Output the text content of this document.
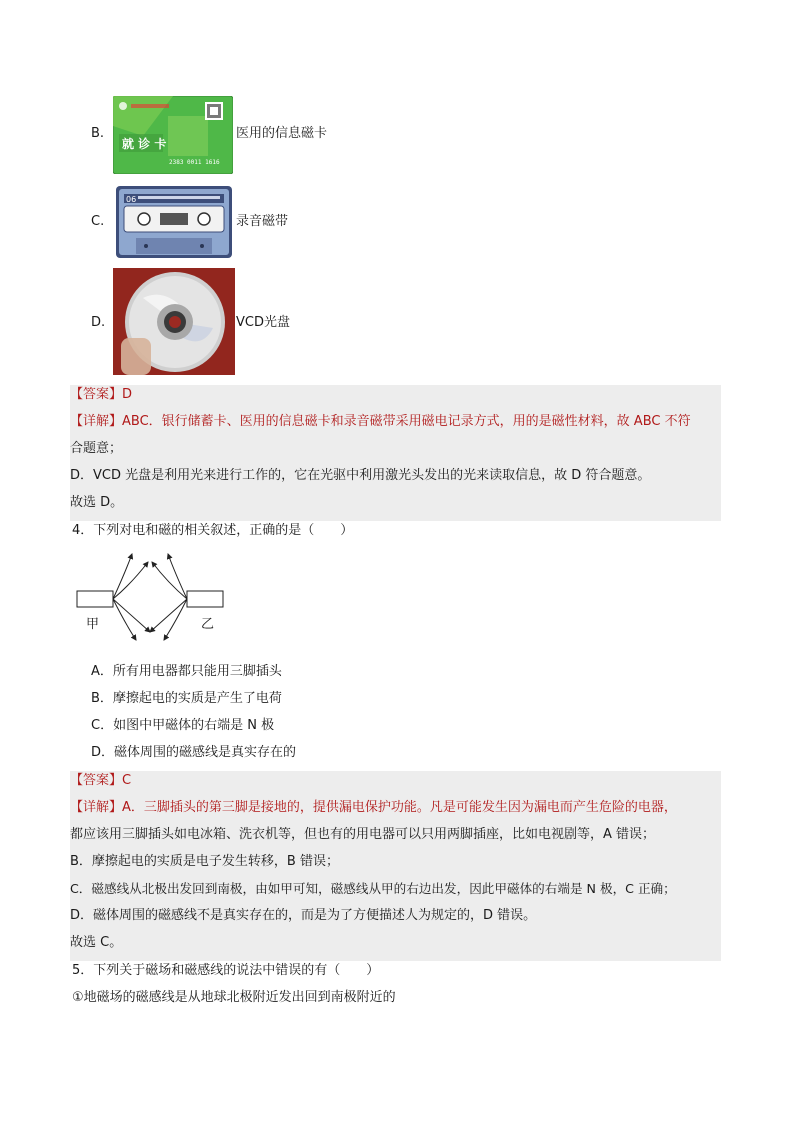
B.
就 诊 卡
2383 0011 1616
医用的信息磁卡
C.
06
录音磁带
D.	VCD光盘
【答案】D
【详解】ABC．银行储蓄卡、医用的信息磁卡和录音磁带采用磁电记录方式，用的是磁性材料，故 ABC 不符
合题意；
D．VCD 光盘是利用光来进行工作的，它在光驱中利用激光头发出的光来读取信息，故 D 符合题意。
故选 D。
4．下列对电和磁的相关叙述，正确的是（　　）
甲	乙
A．所有用电器都只能用三脚插头
B．摩擦起电的实质是产生了电荷
C．如图中甲磁体的右端是 N 极
D．磁体周围的磁感线是真实存在的
【答案】C
【详解】A．三脚插头的第三脚是接地的，提供漏电保护功能。凡是可能发生因为漏电而产生危险的电器，
都应该用三脚插头如电冰箱、洗衣机等，但也有的用电器可以只用两脚插座，比如电视剧等，A 错误；
B．摩擦起电的实质是电子发生转移，B 错误；
C．磁感线从北极出发回到南极，由如甲可知，磁感线从甲的右边出发，因此甲磁体的右端是 N 极，C 正确；
D．磁体周围的磁感线不是真实存在的，而是为了方便描述人为规定的，D 错误。
故选 C。
5．下列关于磁场和磁感线的说法中错误的有（　　）
①地磁场的磁感线是从地球北极附近发出回到南极附近的
